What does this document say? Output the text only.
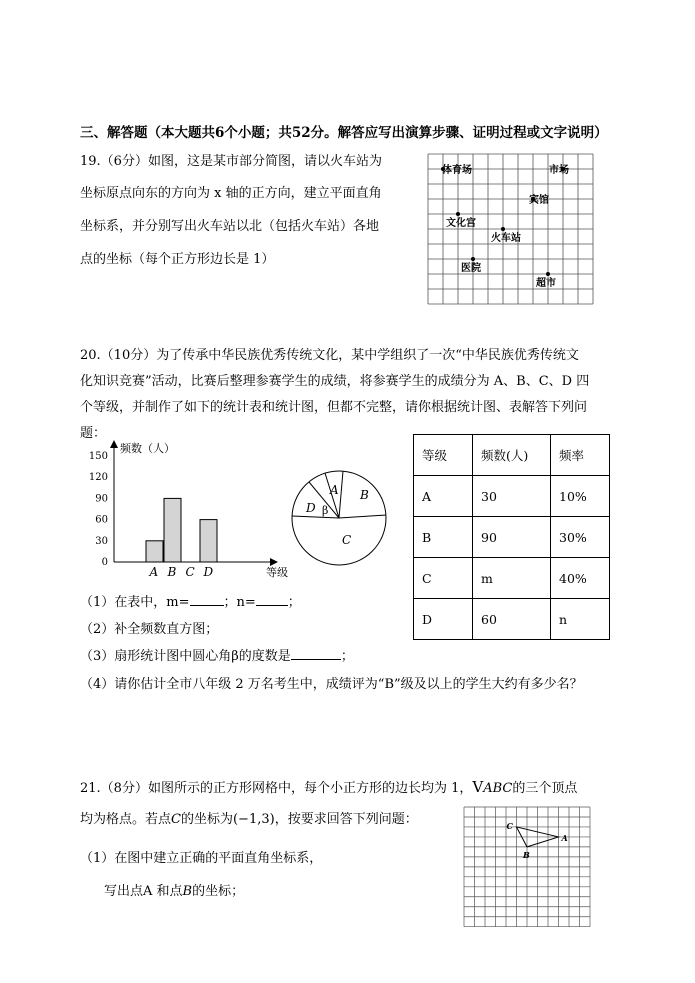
三、解答题（本大题共6个小题；共52分。解答应写出演算步骤、证明过程或文字说明）
19.（6分）如图，这是某市部分简图，请以火车站为
坐标原点向东的方向为 x 轴的正方向，建立平面直角
坐标系，并分别写出火车站以北（包括火车站）各地
点的坐标（每个正方形边长是 1）
体育场	市场
宾馆
文化宫
火车站
医院
超市
20.（10分）为了传承中华民族优秀传统文化，某中学组织了一次“中华民族优秀传统文
化知识竞赛”活动，比赛后整理参赛学生的成绩，将参赛学生的成绩分为 A、B、C、D 四
个等级，并制作了如下的统计表和统计图，但都不完整，请你根据统计图、表解答下列问
题：
频数（人）
等级
0
30
60
90
120
150
A B C D
A B
C
D β
等级	频数(人)	频率
A	30	10%
B	90	30%
C	m	40%
D	60	n
（1）在表中，m=	；n= ；
（2）补全频数直方图；
（3）扇形统计图中圆心角β的度数是	；
（4）请你估计全市八年级 2 万名考生中，成绩评为“B”级及以上的学生大约有多少名？
21.（8分）如图所示的正方形网格中，每个小正方形的边长均为 1，VABC的三个顶点
均为格点。若点C的坐标为(−1,3)，按要求回答下列问题：
（1）在图中建立正确的平面直角坐标系，
写出点A 和点B的坐标；
C
A
B
